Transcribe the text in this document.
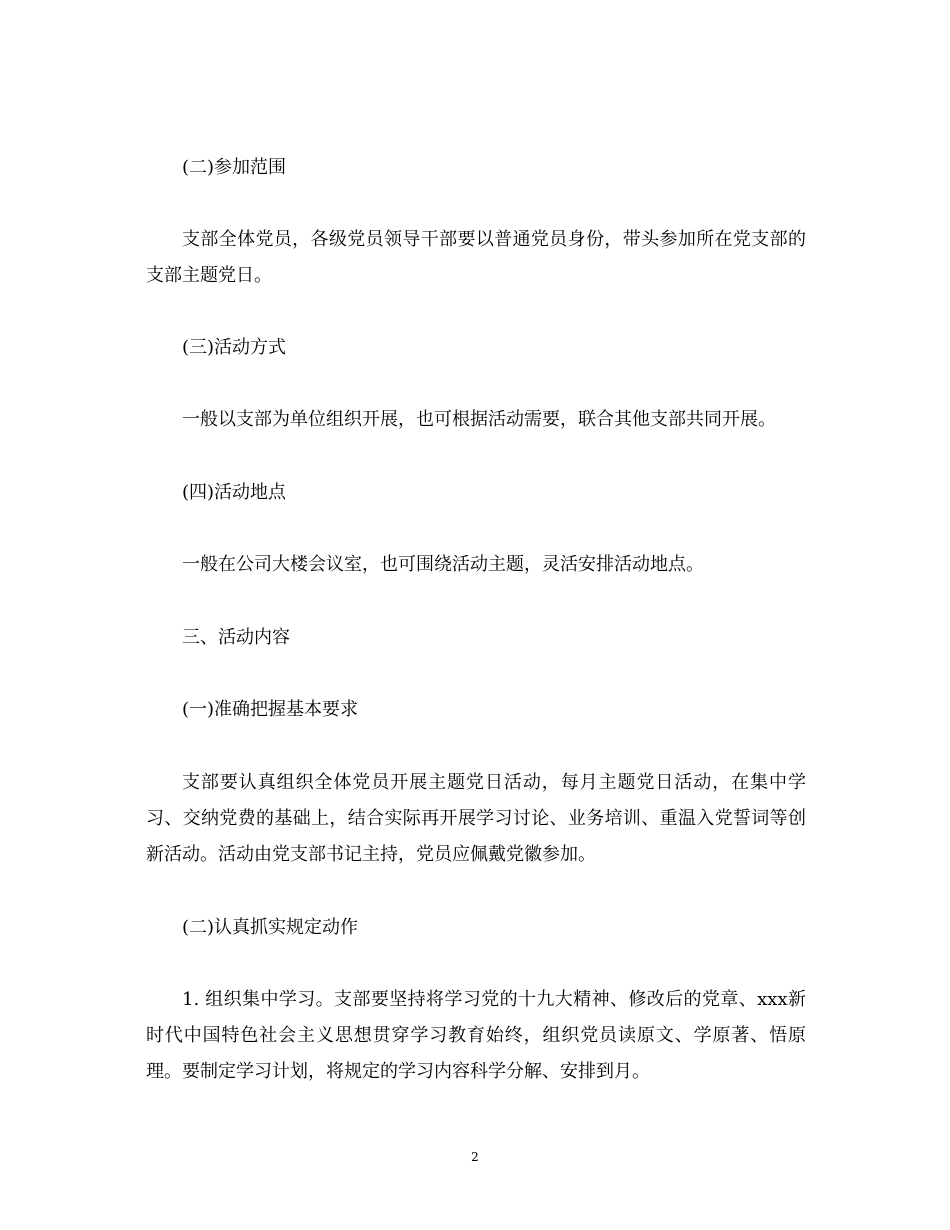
(二)参加范围

支部全体党员，各级党员领导干部要以普通党员身份，带头参加所在党支部的支部主题党日。

(三)活动方式

一般以支部为单位组织开展，也可根据活动需要，联合其他支部共同开展。

(四)活动地点

一般在公司大楼会议室，也可围绕活动主题，灵活安排活动地点。

三、活动内容

(一)准确把握基本要求

支部要认真组织全体党员开展主题党日活动，每月主题党日活动，在集中学习、交纳党费的基础上，结合实际再开展学习讨论、业务培训、重温入党誓词等创新活动。活动由党支部书记主持，党员应佩戴党徽参加。

(二)认真抓实规定动作

1. 组织集中学习。支部要坚持将学习党的十九大精神、修改后的党章、xxx新时代中国特色社会主义思想贯穿学习教育始终，组织党员读原文、学原著、悟原理。要制定学习计划，将规定的学习内容科学分解、安排到月。

2
